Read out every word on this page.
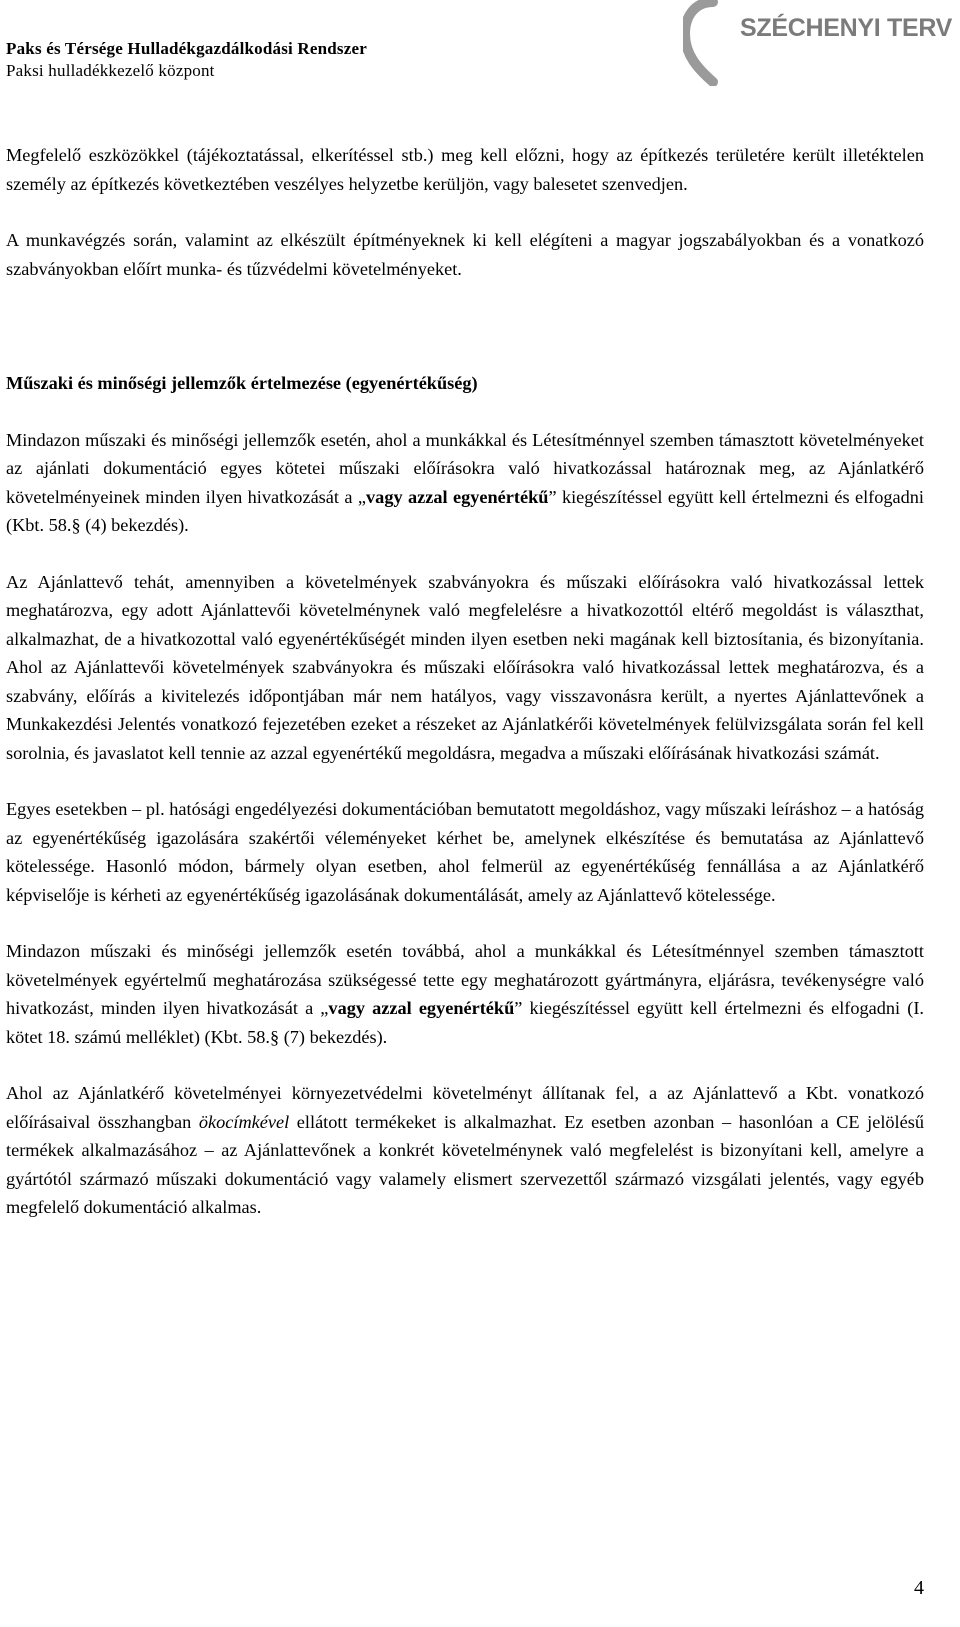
Paks és Térsége Hulladékgazdálkodási Rendszer
Paksi hulladékkezelő központ
ÚJ SZÉCHENYI TERV

Megfelelő eszközökkel (tájékoztatással, elkerítéssel stb.) meg kell előzni, hogy az építkezés területére került illetéktelen személy az építkezés következtében veszélyes helyzetbe kerüljön, vagy balesetet szenvedjen.

A munkavégzés során, valamint az elkészült építményeknek ki kell elégíteni a magyar jogszabályokban és a vonatkozó szabványokban előírt munka- és tűzvédelmi követelményeket.

Műszaki és minőségi jellemzők értelmezése (egyenértékűség)

Mindazon műszaki és minőségi jellemzők esetén, ahol a munkákkal és Létesítménnyel szemben támasztott követelményeket az ajánlati dokumentáció egyes kötetei műszaki előírásokra való hivatkozással határoznak meg, az Ajánlatkérő követelményeinek minden ilyen hivatkozását a „vagy azzal egyenértékű” kiegészítéssel együtt kell értelmezni és elfogadni (Kbt. 58.§ (4) bekezdés).

Az Ajánlattevő tehát, amennyiben a követelmények szabványokra és műszaki előírásokra való hivatkozással lettek meghatározva, egy adott Ajánlattevői követelménynek való megfelelésre a hivatkozottól eltérő megoldást is választhat, alkalmazhat, de a hivatkozottal való egyenértékűségét minden ilyen esetben neki magának kell biztosítania, és bizonyítania. Ahol az Ajánlattevői követelmények szabványokra és műszaki előírásokra való hivatkozással lettek meghatározva, és a szabvány, előírás a kivitelezés időpontjában már nem hatályos, vagy visszavonásra került, a nyertes Ajánlattevőnek a Munkakezdési Jelentés vonatkozó fejezetében ezeket a részeket az Ajánlatkérői követelmények felülvizsgálata során fel kell sorolnia, és javaslatot kell tennie az azzal egyenértékű megoldásra, megadva a műszaki előírásának hivatkozási számát.

Egyes esetekben – pl. hatósági engedélyezési dokumentációban bemutatott megoldáshoz, vagy műszaki leíráshoz – a hatóság az egyenértékűség igazolására szakértői véleményeket kérhet be, amelynek elkészítése és bemutatása az Ajánlattevő kötelessége. Hasonló módon, bármely olyan esetben, ahol felmerül az egyenértékűség fennállása a az Ajánlatkérő képviselője is kérheti az egyenértékűség igazolásának dokumentálását, amely az Ajánlattevő kötelessége.

Mindazon műszaki és minőségi jellemzők esetén továbbá, ahol a munkákkal és Létesítménnyel szemben támasztott követelmények egyértelmű meghatározása szükségessé tette egy meghatározott gyártmányra, eljárásra, tevékenységre való hivatkozást, minden ilyen hivatkozását a „vagy azzal egyenértékű” kiegészítéssel együtt kell értelmezni és elfogadni (I. kötet 18. számú melléklet) (Kbt. 58.§ (7) bekezdés).

Ahol az Ajánlatkérő követelményei környezetvédelmi követelményt állítanak fel, a az Ajánlattevő a Kbt. vonatkozó előírásaival összhangban ökocímkével ellátott termékeket is alkalmazhat. Ez esetben azonban – hasonlóan a CE jelölésű termékek alkalmazásához – az Ajánlattevőnek a konkrét követelménynek való megfelelést is bizonyítani kell, amelyre a gyártótól származó műszaki dokumentáció vagy valamely elismert szervezettől származó vizsgálati jelentés, vagy egyéb megfelelő dokumentáció alkalmas.

4
